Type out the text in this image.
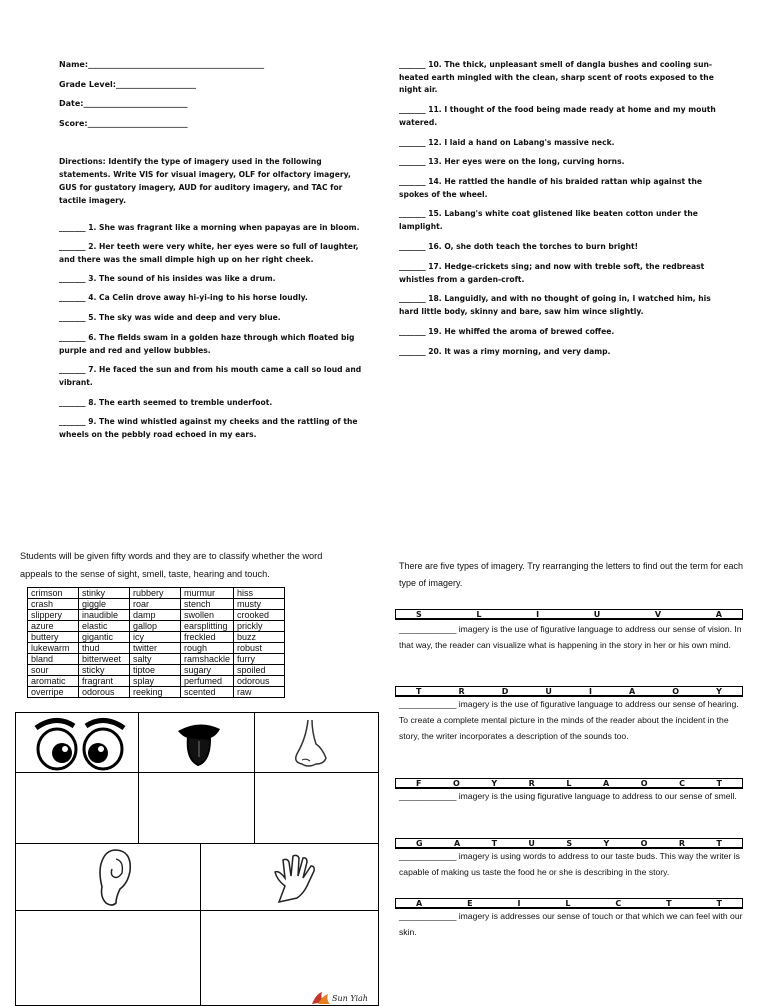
Name:____________________________________________
Grade Level:____________________
Date:__________________________
Score:_________________________
Directions: Identify the type of imagery used in the following statements. Write VIS for visual imagery, OLF for olfactory imagery, GUS for gustatory imagery, AUD for auditory imagery, and TAC for tactile imagery.
_______ 1. She was fragrant like a morning when papayas are in bloom.
_______ 2. Her teeth were very white, her eyes were so full of laughter, and there was the small dimple high up on her right cheek.
_______ 3. The sound of his insides was like a drum.
_______ 4. Ca Celin drove away hi-yi-ing to his horse loudly.
_______ 5. The sky was wide and deep and very blue.
_______ 6. The fields swam in a golden haze through which floated big purple and red and yellow bubbles.
_______ 7. He faced the sun and from his mouth came a call so loud and vibrant.
_______ 8. The earth seemed to tremble underfoot.
_______ 9. The wind whistled against my cheeks and the rattling of the wheels on the pebbly road echoed in my ears.
_______ 10. The thick, unpleasant smell of dangla bushes and cooling sun-heated earth mingled with the clean, sharp scent of roots exposed to the night air.
_______ 11. I thought of the food being made ready at home and my mouth watered.
_______ 12. I laid a hand on Labang's massive neck.
_______ 13. Her eyes were on the long, curving horns.
_______ 14. He rattled the handle of his braided rattan whip against the spokes of the wheel.
_______ 15. Labang's white coat glistened like beaten cotton under the lamplight.
_______ 16. O, she doth teach the torches to burn bright!
_______ 17. Hedge-crickets sing; and now with treble soft, the redbreast whistles from a garden-croft.
_______ 18. Languidly, and with no thought of going in, I watched him, his hard little body, skinny and bare, saw him wince slightly.
_______ 19. He whiffed the aroma of brewed coffee.
_______ 20. It was a rimy morning, and very damp.
Students will be given fifty words and they are to classify whether the word appeals to the sense of sight, smell, taste, hearing and touch.
crimson	stinky	rubbery	murmur	hiss
crash	giggle	roar	stench	musty
slippery	inaudible	damp	swollen	crooked
azure	elastic	gallop	earsplitting	prickly
buttery	gigantic	icy	freckled	buzz
lukewarm	thud	twitter	rough	robust
bland	bitterweet	salty	ramshackle	furry
sour	sticky	tiptoe	sugary	spoiled
aromatic	fragrant	splay	perfumed	odorous
overripe	odorous	reeking	scented	raw
Sun Yiah
There are five types of imagery. Try rearranging the letters to find out the term for each type of imagery.
S	L	I	U	V	A
____________ imagery is the use of figurative language to address our sense of vision. In that way, the reader can visualize what is happening in the story in her or his own mind.
T	R	D	U	I	A	O	Y
____________ imagery is the use of figurative language to address our sense of hearing. To create a complete mental picture in the minds of the reader about the incident in the story, the writer incorporates a description of the sounds too.
F	O	Y	R	L	A	O	C	T
____________ imagery is the using figurative language to address to our sense of smell.
G	A	T	U	S	Y	O	R	T
____________ imagery is using words to address to our taste buds. This way the writer is capable of making us taste the food he or she is describing in the story.
A	E	I	L	C	T	T
____________ imagery is addresses our sense of touch or that which we can feel with our skin.
